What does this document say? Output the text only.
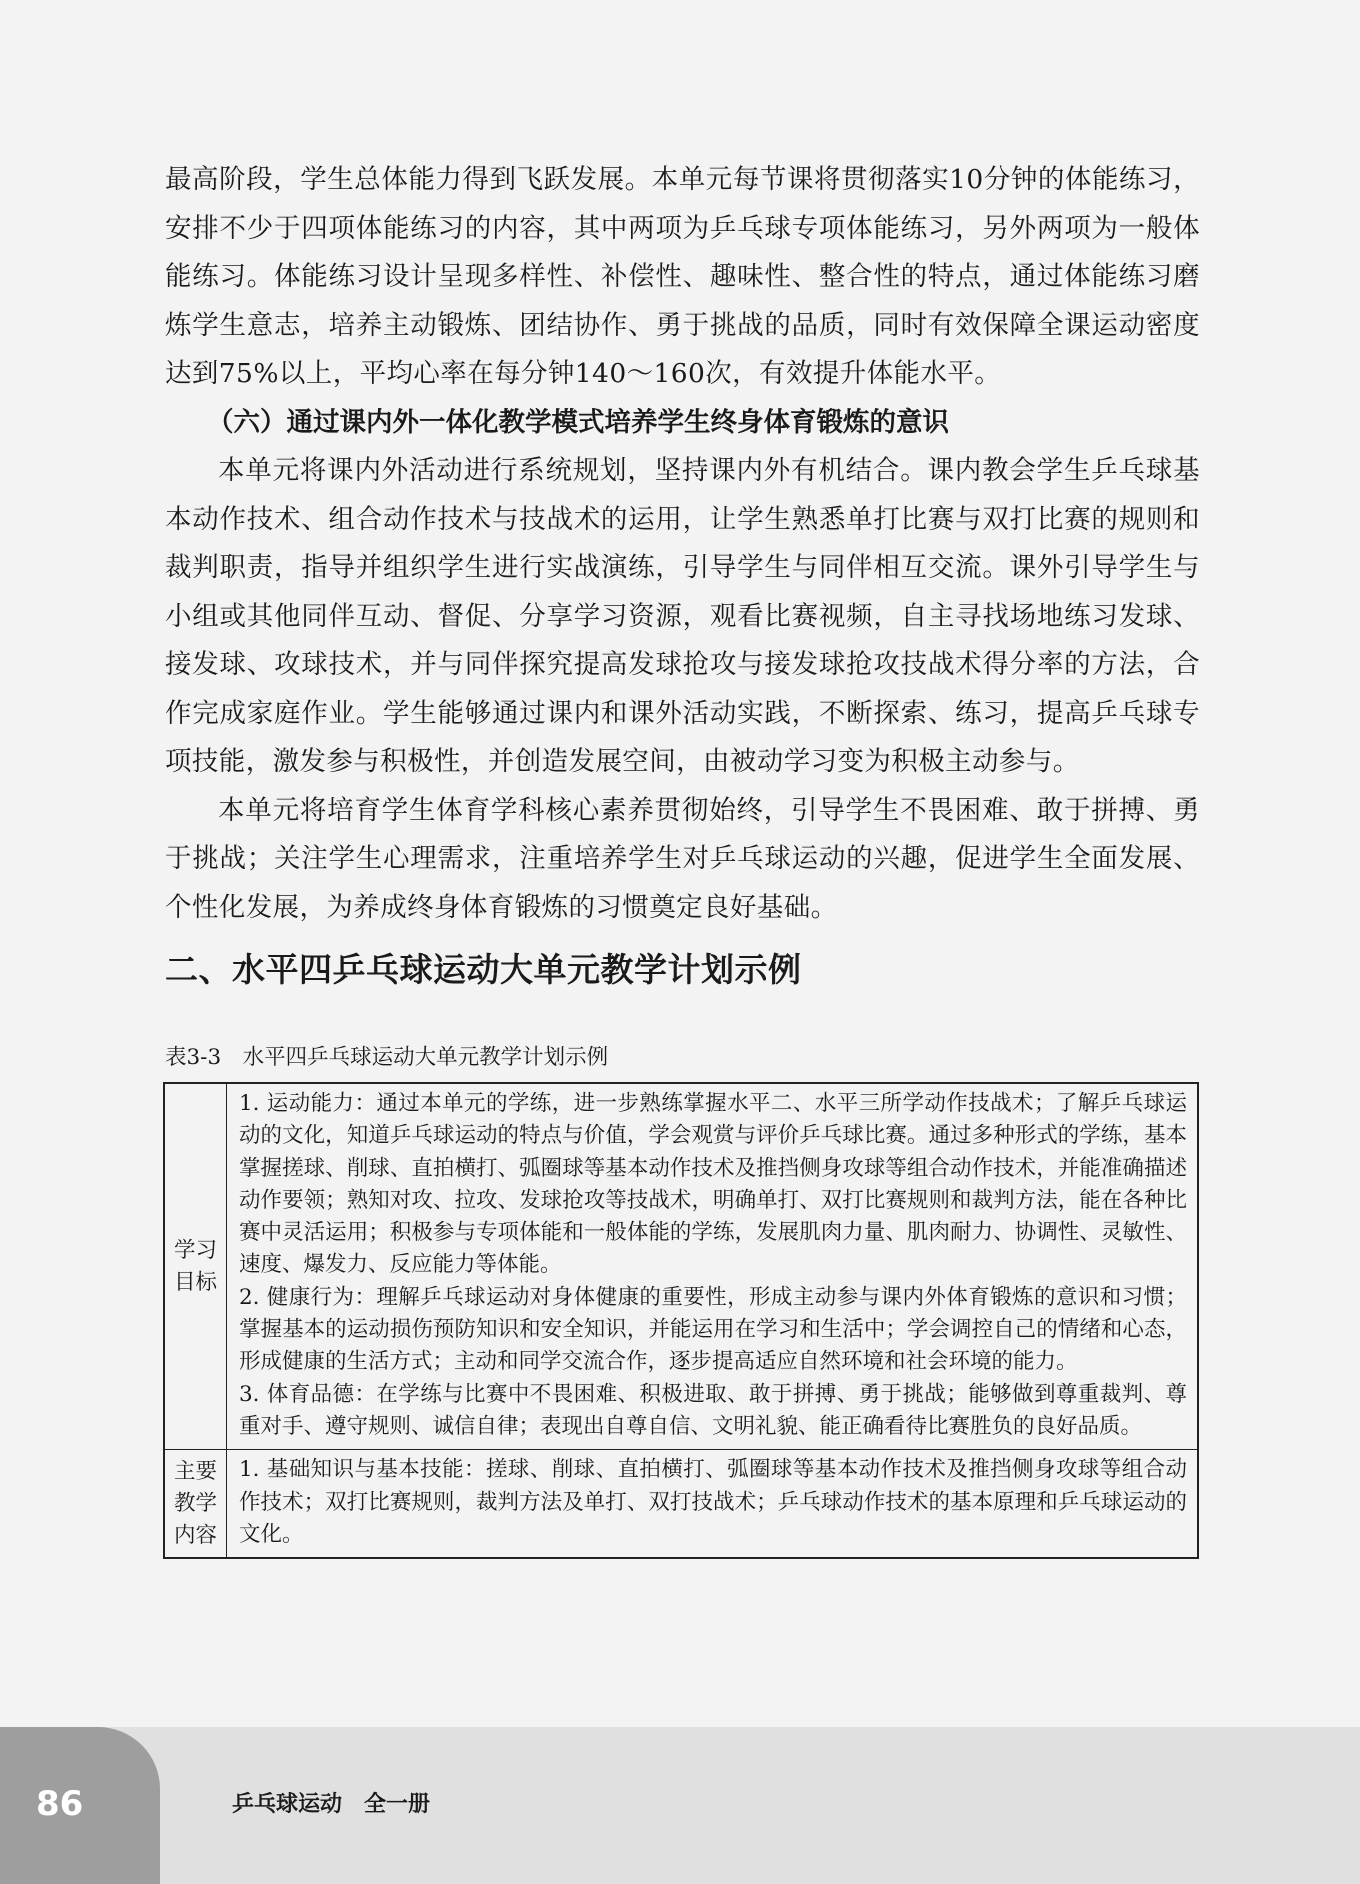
最高阶段，学生总体能力得到飞跃发展。本单元每节课将贯彻落实10分钟的体能练习，安排不少于四项体能练习的内容，其中两项为乒乓球专项体能练习，另外两项为一般体能练习。体能练习设计呈现多样性、补偿性、趣味性、整合性的特点，通过体能练习磨炼学生意志，培养主动锻炼、团结协作、勇于挑战的品质，同时有效保障全课运动密度达到75%以上，平均心率在每分钟140～160次，有效提升体能水平。

（六）通过课内外一体化教学模式培养学生终身体育锻炼的意识

本单元将课内外活动进行系统规划，坚持课内外有机结合。课内教会学生乒乓球基本动作技术、组合动作技术与技战术的运用，让学生熟悉单打比赛与双打比赛的规则和裁判职责，指导并组织学生进行实战演练，引导学生与同伴相互交流。课外引导学生与小组或其他同伴互动、督促、分享学习资源，观看比赛视频，自主寻找场地练习发球、接发球、攻球技术，并与同伴探究提高发球抢攻与接发球抢攻技战术得分率的方法，合作完成家庭作业。学生能够通过课内和课外活动实践，不断探索、练习，提高乒乓球专项技能，激发参与积极性，并创造发展空间，由被动学习变为积极主动参与。

本单元将培育学生体育学科核心素养贯彻始终，引导学生不畏困难、敢于拼搏、勇于挑战；关注学生心理需求，注重培养学生对乒乓球运动的兴趣，促进学生全面发展、个性化发展，为养成终身体育锻炼的习惯奠定良好基础。

二、水平四乒乓球运动大单元教学计划示例

表3-3　水平四乒乓球运动大单元教学计划示例

学习目标	1. 运动能力：通过本单元的学练，进一步熟练掌握水平二、水平三所学动作技战术；了解乒乓球运动的文化，知道乒乓球运动的特点与价值，学会观赏与评价乒乓球比赛。通过多种形式的学练，基本掌握搓球、削球、直拍横打、弧圈球等基本动作技术及推挡侧身攻球等组合动作技术，并能准确描述动作要领；熟知对攻、拉攻、发球抢攻等技战术，明确单打、双打比赛规则和裁判方法，能在各种比赛中灵活运用；积极参与专项体能和一般体能的学练，发展肌肉力量、肌肉耐力、协调性、灵敏性、速度、爆发力、反应能力等体能。

2. 健康行为：理解乒乓球运动对身体健康的重要性，形成主动参与课内外体育锻炼的意识和习惯；掌握基本的运动损伤预防知识和安全知识，并能运用在学习和生活中；学会调控自己的情绪和心态，形成健康的生活方式；主动和同学交流合作，逐步提高适应自然环境和社会环境的能力。

3. 体育品德：在学练与比赛中不畏困难、积极进取、敢于拼搏、勇于挑战；能够做到尊重裁判、尊重对手、遵守规则、诚信自律；表现出自尊自信、文明礼貌、能正确看待比赛胜负的良好品质。

主要教学内容	1. 基础知识与基本技能：搓球、削球、直拍横打、弧圈球等基本动作技术及推挡侧身攻球等组合动作技术；双打比赛规则，裁判方法及单打、双打技战术；乒乓球动作技术的基本原理和乒乓球运动的文化。

86	乒乓球运动　全一册
